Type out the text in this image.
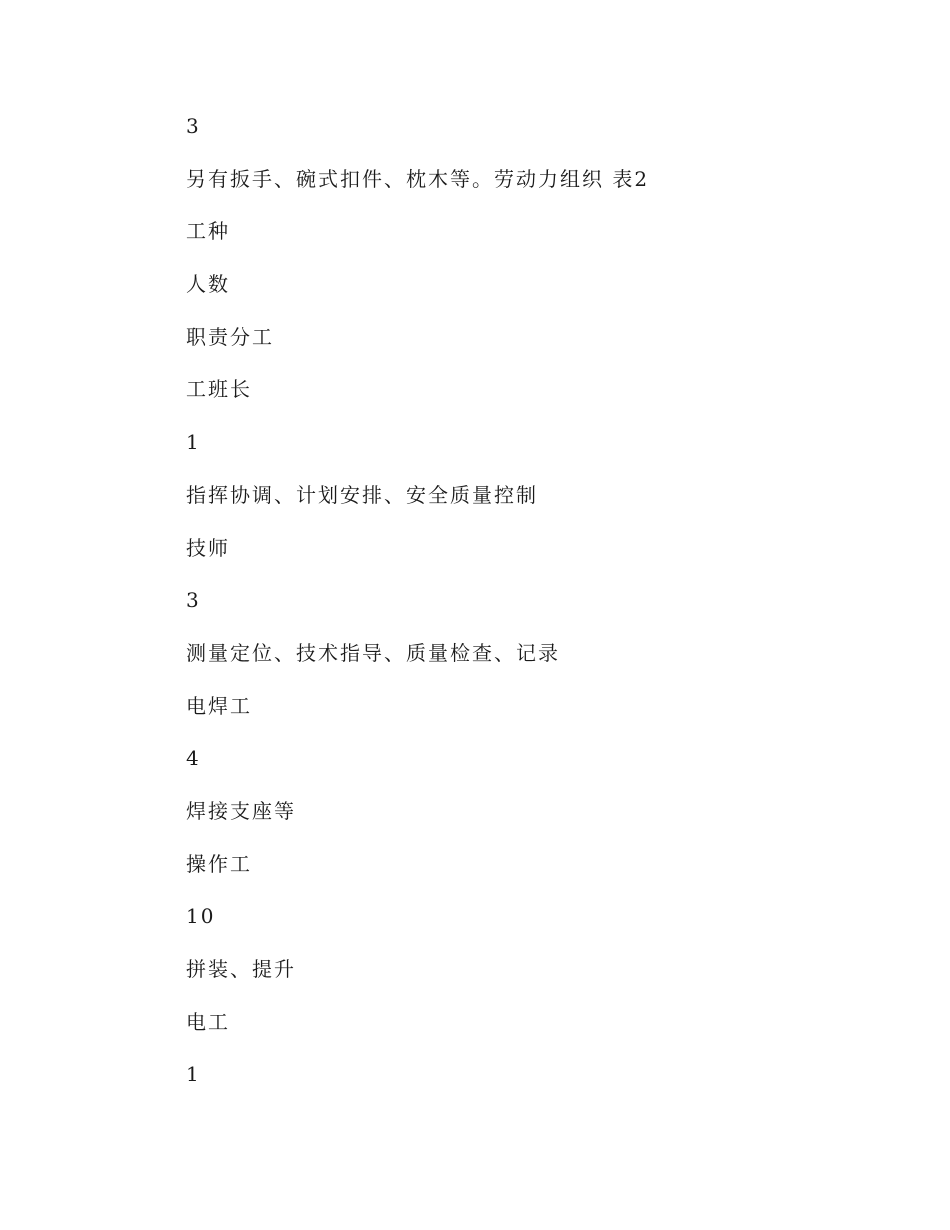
3
另有扳手、碗式扣件、枕木等。劳动力组织 表2
工种
人数
职责分工
工班长
1
指挥协调、计划安排、安全质量控制
技师
3
测量定位、技术指导、质量检查、记录
电焊工
4
焊接支座等
操作工
10
拼装、提升
电工
1
